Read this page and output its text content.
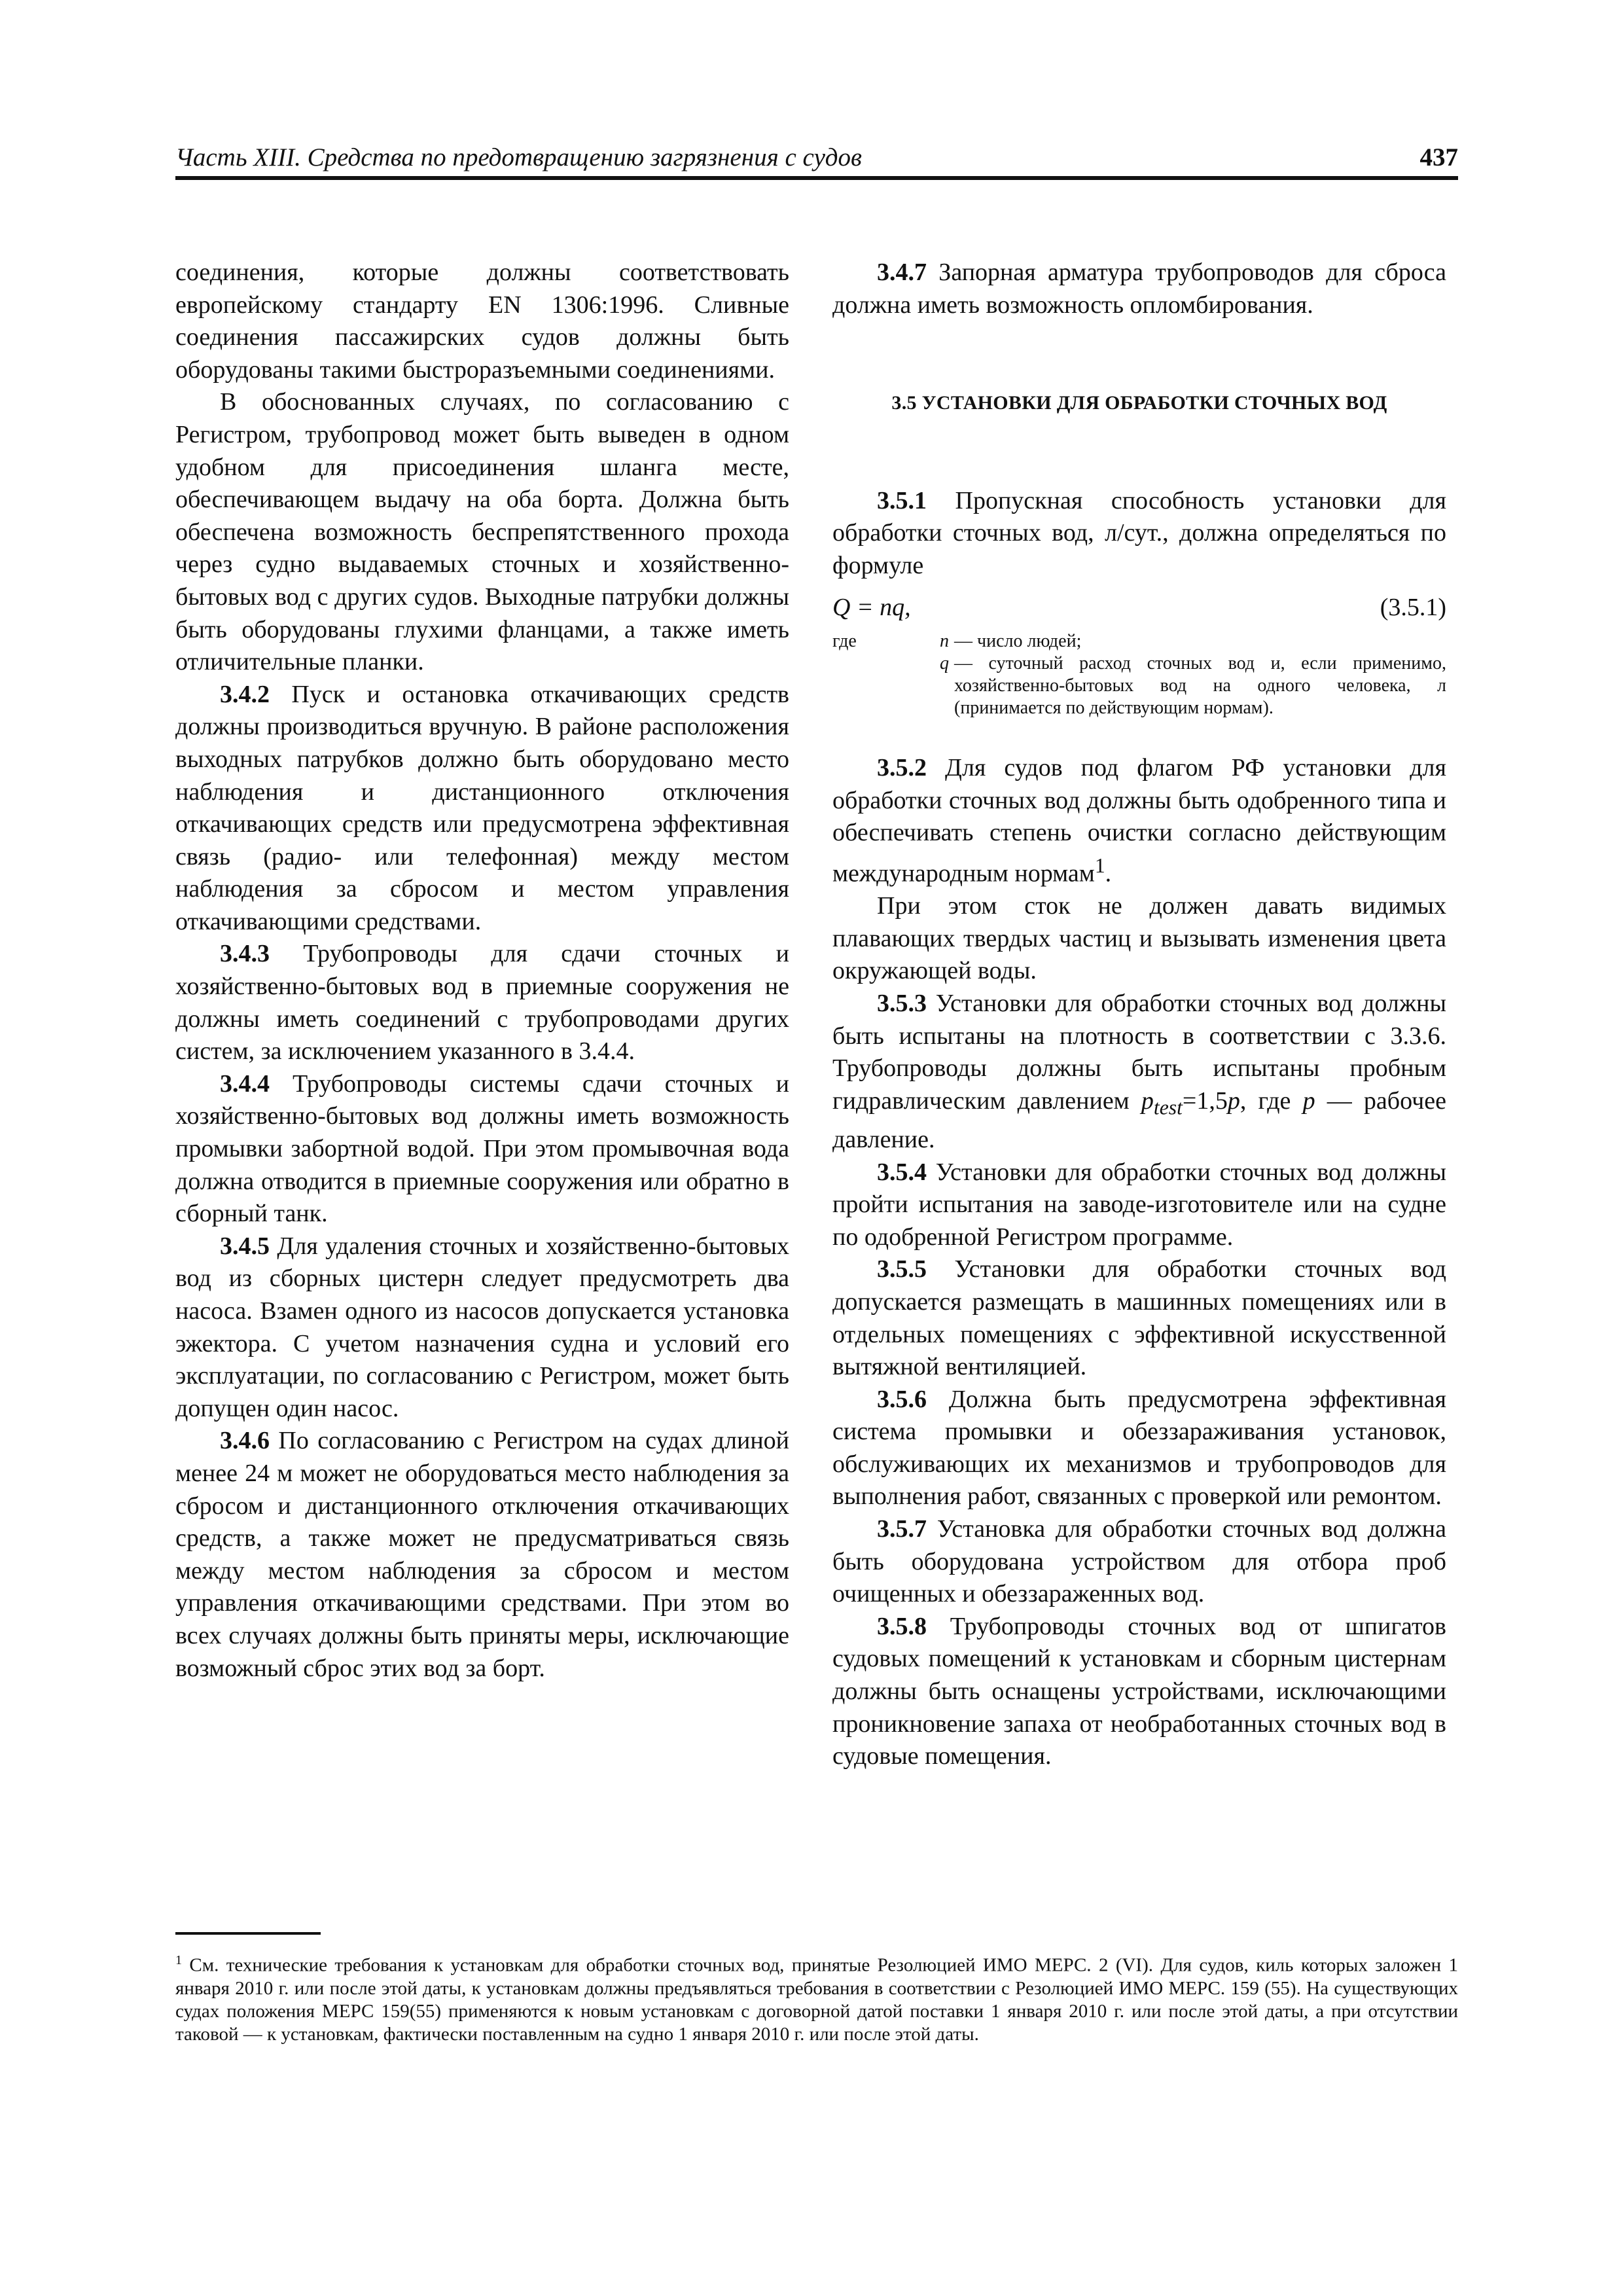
Часть XIII. Средства по предотвращению загрязнения с судов	437

соединения, которые должны соответствовать европейскому стандарту EN 1306:1996. Сливные соединения пассажирских судов должны быть оборудованы такими быстроразъемными соединениями.

В обоснованных случаях, по согласованию с Регистром, трубопровод может быть выведен в одном удобном для присоединения шланга месте, обеспечивающем выдачу на оба борта. Должна быть обеспечена возможность беспрепятственного прохода через судно выдаваемых сточных и хозяйственно-бытовых вод с других судов. Выходные патрубки должны быть оборудованы глухими фланцами, а также иметь отличительные планки.

3.4.2 Пуск и остановка откачивающих средств должны производиться вручную. В районе расположения выходных патрубков должно быть оборудовано место наблюдения и дистанционного отключения откачивающих средств или предусмотрена эффективная связь (радио- или телефонная) между местом наблюдения за сбросом и местом управления откачивающими средствами.

3.4.3 Трубопроводы для сдачи сточных и хозяйственно-бытовых вод в приемные сооружения не должны иметь соединений с трубопроводами других систем, за исключением указанного в 3.4.4.

3.4.4 Трубопроводы системы сдачи сточных и хозяйственно-бытовых вод должны иметь возможность промывки забортной водой. При этом промывочная вода должна отводится в приемные сооружения или обратно в сборный танк.

3.4.5 Для удаления сточных и хозяйственно-бытовых вод из сборных цистерн следует предусмотреть два насоса. Взамен одного из насосов допускается установка эжектора. С учетом назначения судна и условий его эксплуатации, по согласованию с Регистром, может быть допущен один насос.

3.4.6 По согласованию с Регистром на судах длиной менее 24 м может не оборудоваться место наблюдения за сбросом и дистанционного отключения откачивающих средств, а также может не предусматриваться связь между местом наблюдения за сбросом и местом управления откачивающими средствами. При этом во всех случаях должны быть приняты меры, исключающие возможный сброс этих вод за борт.

3.4.7 Запорная арматура трубопроводов для сброса должна иметь возможность опломбирования.

3.5 УСТАНОВКИ ДЛЯ ОБРАБОТКИ СТОЧНЫХ ВОД

3.5.1 Пропускная способность установки для обработки сточных вод, л/сут., должна определяться по формуле

Q = nq,	(3.5.1)
где	n — число людей;
q — суточный расход сточных вод и, если применимо, хозяйственно-бытовых вод на одного человека, л (принимается по действующим нормам).

3.5.2 Для судов под флагом РФ установки для обработки сточных вод должны быть одобренного типа и обеспечивать степень очистки согласно действующим международным нормам$^1$.

При этом сток не должен давать видимых плавающих твердых частиц и вызывать изменения цвета окружающей воды.

3.5.3 Установки для обработки сточных вод должны быть испытаны на плотность в соответствии с 3.3.6. Трубопроводы должны быть испытаны пробным гидравлическим давлением $p_{test}=1,5p$, где p — рабочее давление.

3.5.4 Установки для обработки сточных вод должны пройти испытания на заводе-изготовителе или на судне по одобренной Регистром программе.

3.5.5 Установки для обработки сточных вод допускается размещать в машинных помещениях или в отдельных помещениях с эффективной искусственной вытяжной вентиляцией.

3.5.6 Должна быть предусмотрена эффективная система промывки и обеззараживания установок, обслуживающих их механизмов и трубопроводов для выполнения работ, связанных с проверкой или ремонтом.

3.5.7 Установка для обработки сточных вод должна быть оборудована устройством для отбора проб очищенных и обеззараженных вод.

3.5.8 Трубопроводы сточных вод от шпигатов судовых помещений к установкам и сборным цистернам должны быть оснащены устройствами, исключающими проникновение запаха от необработанных сточных вод в судовые помещения.

$^1$ См. технические требования к установкам для обработки сточных вод, принятые Резолюцией ИМО МЕРС. 2 (VI). Для судов, киль которых заложен 1 января 2010 г. или после этой даты, к установкам должны предъявляться требования в соответствии с Резолюцией ИМО МЕРС. 159 (55). На существующих судах положения МЕРС 159(55) применяются к новым установкам с договорной датой поставки 1 января 2010 г. или после этой даты, а при отсутствии таковой — к установкам, фактически поставленным на судно 1 января 2010 г. или после этой даты.
